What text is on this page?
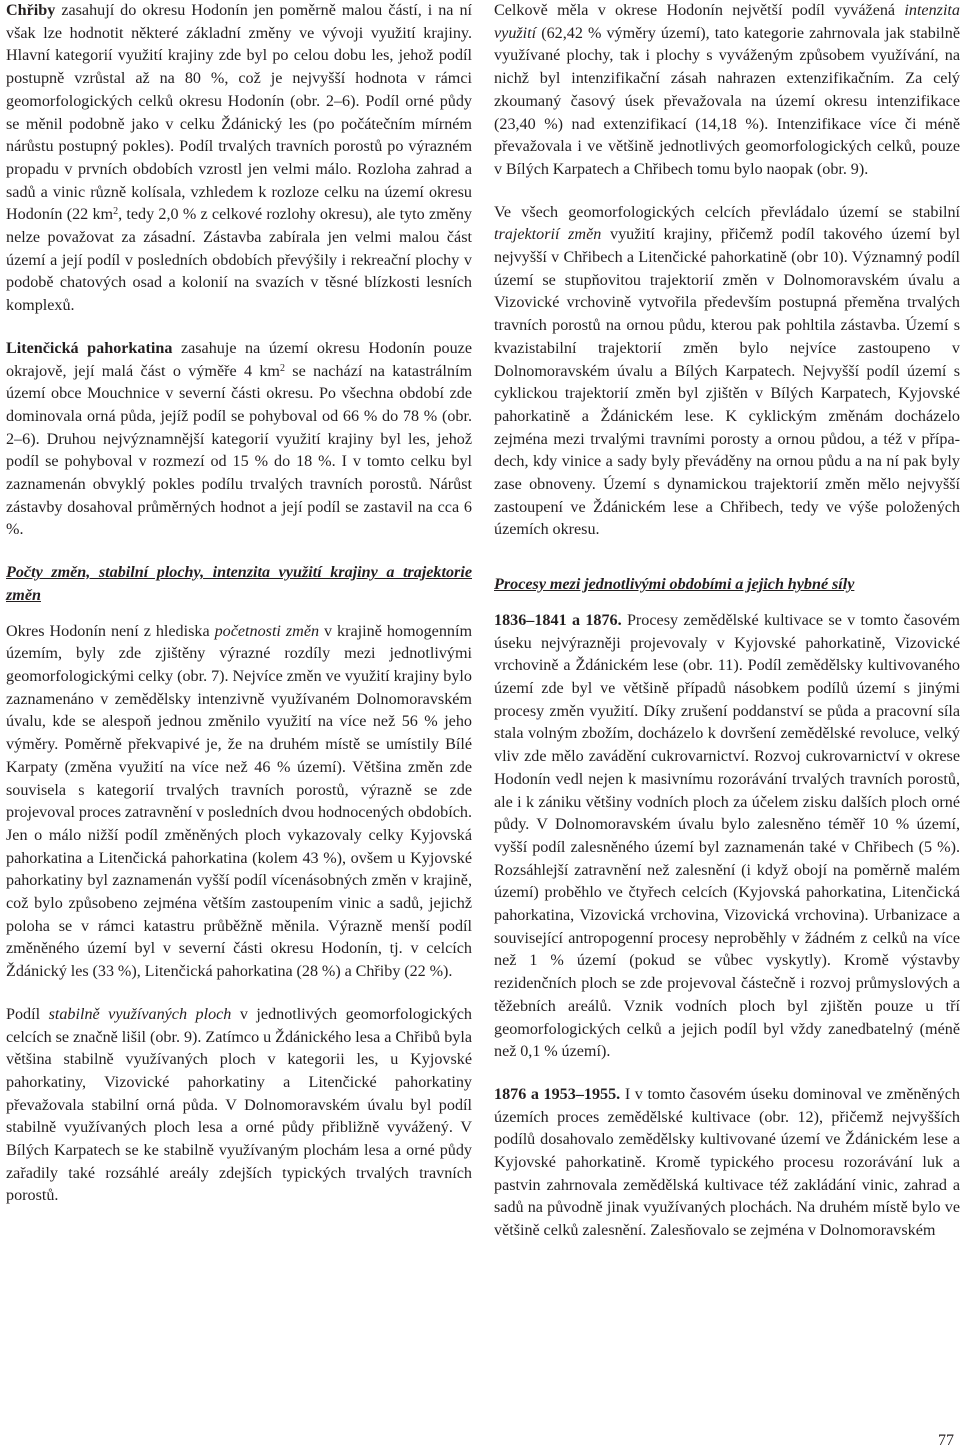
Chřiby zasahují do okresu Hodonín jen poměrně malou částí, i na ní však lze hodnotit některé základní změny ve vývoji využití krajiny. Hlavní kategorií využití krajiny zde byl po celou dobu les, jehož podíl postupně vzrůstal až na 80 %, což je nejvyšší hodnota v rámci geomorfologických celků okresu Hodonín (obr. 2–6). Podíl orné půdy se měnil podobně jako v celku Ždánický les (po počátečním mírném nárůstu postupný pokles). Podíl trvalých travních porostů po výrazném propadu v prvních obdobích vzrostl jen velmi málo. Rozloha zahrad a sadů a vinic různě kolísala, vzhledem k rozloze celku na území okresu Hodonín (22 $km^2$, tedy 2,0 % z celkové rozlohy okresu), ale tyto změny nelze považovat za zásadní. Zástavba zabírala jen velmi malou část území a její podíl v posledních obdobích převýšily i rekreační plochy v podobě chatových osad a kolonií na svazích v těsné blízkosti lesních komplexů.

Litenčická pahorkatina zasahuje na území okresu Hodonín pouze okrajově, její malá část o výměře 4 $km^2$ se nachází na katastrálním území obce Mouchnice v severní části okresu. Po všechna období zde dominovala orná půda, jejíž podíl se pohyboval od 66 % do 78 % (obr. 2–6). Druhou nejvýznamnější kategorií využití krajiny byl les, jehož podíl se pohyboval v rozmezí od 15 % do 18 %. I v tomto celku byl zaznamenán obvyklý pokles podílu trvalých travních porostů. Nárůst zástavby dosahoval průměrných hodnot a její podíl se zastavil na cca 6 %.

Počty změn, stabilní plochy, intenzita využití krajiny a trajektorie změn

Okres Hodonín není z hlediska početnosti změn v krajině homogenním územím, byly zde zjištěny výrazné rozdíly mezi jednotlivými geomorfologickými celky (obr. 7). Nejvíce změn ve využití krajiny bylo zaznamenáno v zemědělsky intenzivně využívaném Dolnomoravském úvalu, kde se alespoň jednou změnilo využití na více než 56 % jeho výměry. Poměrně překvapivé je, že na druhém místě se umístily Bílé Karpaty (změna využití na více než 46 % území). Většina změn zde souvisela s kategorií trvalých travních porostů, výrazně se zde projevoval proces zatravnění v posledních dvou hodnocených obdobích. Jen o málo nižší podíl změněných ploch vykazovaly celky Kyjovská pahorkatina a Litenčická pahorkatina (kolem 43 %), ovšem u Kyjovské pahorkatiny byl zaznamenán vyšší podíl vícenásobných změn v krajině, což bylo způsobeno zejména větším zastoupením vinic a sadů, jejichž poloha se v rámci katastru průběžně měnila. Výrazně menší podíl změněného území byl v severní části okresu Hodonín, tj. v celcích Ždánický les (33 %), Litenčická pahorkatina (28 %) a Chřiby (22 %).

Podíl stabilně využívaných ploch v jednotlivých geomorfologických celcích se značně lišil (obr. 9). Zatímco u Ždánického lesa a Chřibů byla většina stabilně využívaných ploch v kategorii les, u Kyjovské pahorkatiny, Vizovické pahorkatiny a Litenčické pahorkatiny převažovala stabilní orná půda. V Dolnomoravském úvalu byl podíl stabilně využívaných ploch lesa a orné půdy přibližně vyvážený. V Bílých Karpatech se ke stabilně využívaným plochám lesa a orné půdy zařadily také rozsáhlé areály zdejších typických trvalých travních porostů.

Celkově měla v okrese Hodonín největší podíl vyvážená intenzita využití (62,42 % výměry území), tato kategorie zahrnovala jak stabilně využívané plochy, tak i plochy s vyváženým způsobem využívání, na nichž byl intenzifikační zásah nahrazen extenzifikačním. Za celý zkoumaný časový úsek převažovala na území okresu intenzifikace (23,40 %) nad extenzifikací (14,18 %). Intenzifikace více či méně převažovala i ve většině jednotlivých geomorfologických celků, pouze v Bílých Karpatech a Chřibech tomu bylo naopak (obr. 9).

Ve všech geomorfologických celcích převládalo území se stabilní trajektorií změn využití krajiny, přičemž podíl takového území byl nejvyšší v Chřibech a Litenčické pahorkatině (obr 10). Významný podíl území se stupňovitou trajektorií změn v Dolnomoravském úvalu a Vizovické vrchovině vytvořila především postupná přeměna trvalých travních porostů na ornou půdu, kterou pak pohltila zástavba. Území s kvazistabilní trajektorií změn bylo nejvíce zastoupeno v Dolnomoravském úvalu a Bílých Karpatech. Nejvyšší podíl území s cyklickou trajektorií změn byl zjištěn v Bílých Karpatech, Kyjovské pahorkatině a Ždánickém lese. K cyklickým změnám docházelo zejména mezi trvalými travními porosty a ornou půdou, a též v případech, kdy vinice a sady byly převáděny na ornou půdu a na ní pak byly zase obnoveny. Území s dynamickou trajektorií změn mělo nejvyšší zastoupení ve Ždánickém lese a Chřibech, tedy ve výše položených územích okresu.

Procesy mezi jednotlivými obdobími a jejich hybné síly

1836–1841 a 1876. Procesy zemědělské kultivace se v tomto časovém úseku nejvýrazněji projevovaly v Kyjovské pahorkatině, Vizovické vrchovině a Ždánickém lese (obr. 11). Podíl zemědělsky kultivovaného území zde byl ve většině případů násobkem podílů území s jinými procesy změn využití. Díky zrušení poddanství se půda a pracovní síla stala volným zbožím, docházelo k dovršení zemědělské revoluce, velký vliv zde mělo zavádění cukrovarnictví. Rozvoj cukrovarnictví v okrese Hodonín vedl nejen k masivnímu rozorávání trvalých travních porostů, ale i k zániku většiny vodních ploch za účelem zisku dalších ploch orné půdy. V Dolnomoravském úvalu bylo zalesněno téměř 10 % území, vyšší podíl zalesněného území byl zaznamenán také v Chřibech (5 %). Rozsáhlejší zatravnění než zalesnění (i když obojí na poměrně malém území) proběhlo ve čtyřech celcích (Kyjovská pahorkatina, Litenčická pahorkatina, Vizovická vrchovina, Vizovická vrchovina). Urbanizace a související antropogenní procesy neproběhly v žádném z celků na více než 1 % území (pokud se vůbec vyskytly). Kromě výstavby rezidenčních ploch se zde projevoval částečně i rozvoj průmyslových a těžebních areálů. Vznik vodních ploch byl zjištěn pouze u tří geomorfologických celků a jejich podíl byl vždy zanedbatelný (méně než 0,1 % území).

1876 a 1953–1955. I v tomto časovém úseku dominoval ve změněných územích proces zemědělské kultivace (obr. 12), přičemž nejvyšších podílů dosahovalo zemědělsky kultivované území ve Ždánickém lese a Kyjovské pahorkatině. Kromě typického procesu rozorávání luk a pastvin zahrnovala zemědělská kultivace též zakládání vinic, zahrad a sadů na původně jinak využívaných plochách. Na druhém místě bylo ve většině celků zalesnění. Zalesňovalo se zejména v Dolnomoravském

77
